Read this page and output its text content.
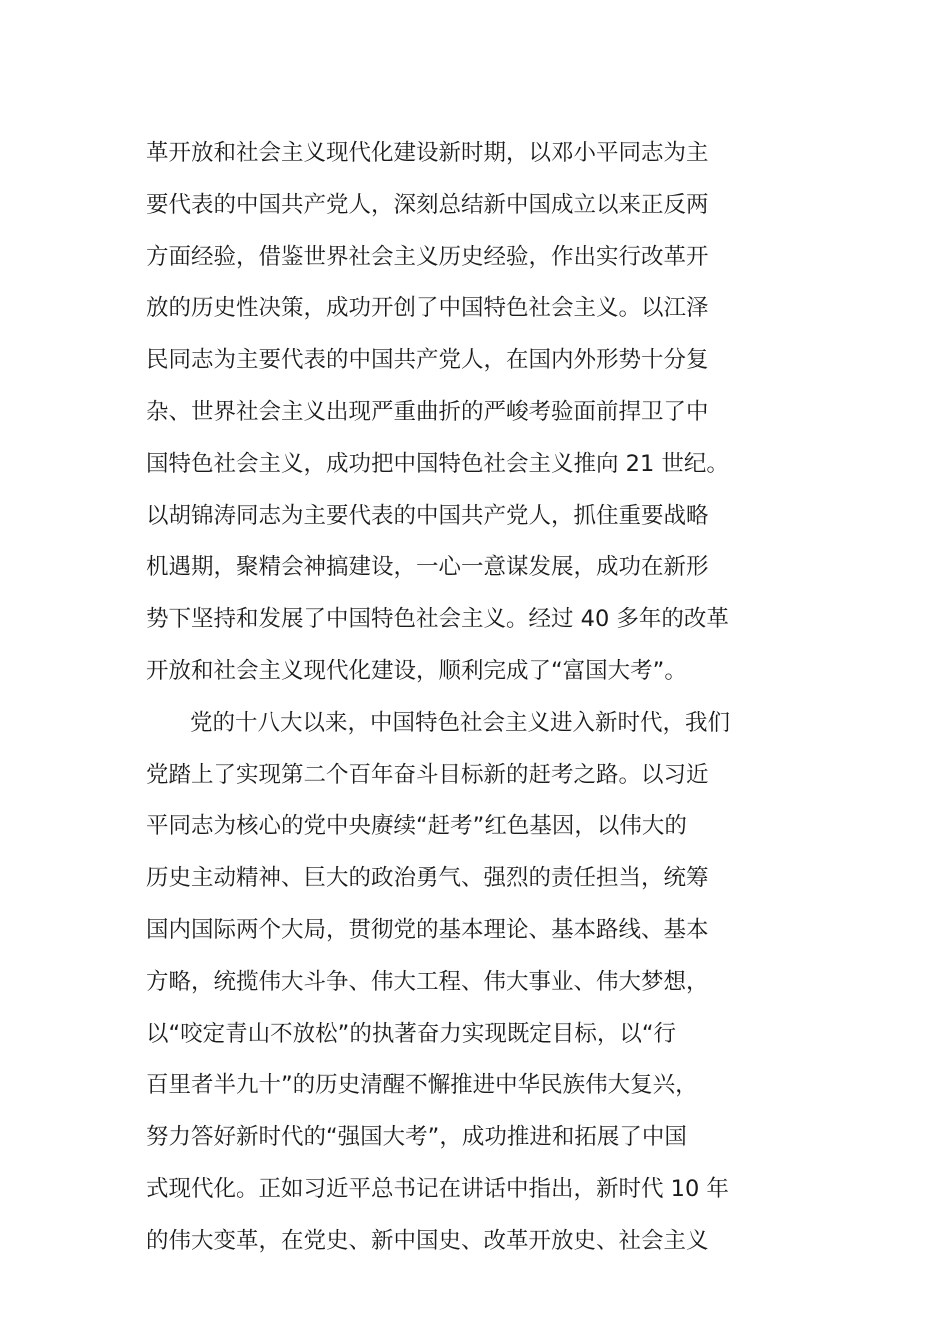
革开放和社会主义现代化建设新时期，以邓小平同志为主
要代表的中国共产党人，深刻总结新中国成立以来正反两
方面经验，借鉴世界社会主义历史经验，作出实行改革开
放的历史性决策，成功开创了中国特色社会主义。以江泽
民同志为主要代表的中国共产党人，在国内外形势十分复
杂、世界社会主义出现严重曲折的严峻考验面前捍卫了中
国特色社会主义，成功把中国特色社会主义推向 21 世纪。
以胡锦涛同志为主要代表的中国共产党人，抓住重要战略
机遇期，聚精会神搞建设，一心一意谋发展，成功在新形
势下坚持和发展了中国特色社会主义。经过 40 多年的改革
开放和社会主义现代化建设，顺利完成了“富国大考”。
党的十八大以来，中国特色社会主义进入新时代，我们
党踏上了实现第二个百年奋斗目标新的赶考之路。以习近
平同志为核心的党中央赓续“赶考”红色基因，以伟大的
历史主动精神、巨大的政治勇气、强烈的责任担当，统筹
国内国际两个大局，贯彻党的基本理论、基本路线、基本
方略，统揽伟大斗争、伟大工程、伟大事业、伟大梦想，
以“咬定青山不放松”的执著奋力实现既定目标，以“行
百里者半九十”的历史清醒不懈推进中华民族伟大复兴，
努力答好新时代的“强国大考”，成功推进和拓展了中国
式现代化。正如习近平总书记在讲话中指出，新时代 10 年
的伟大变革，在党史、新中国史、改革开放史、社会主义
